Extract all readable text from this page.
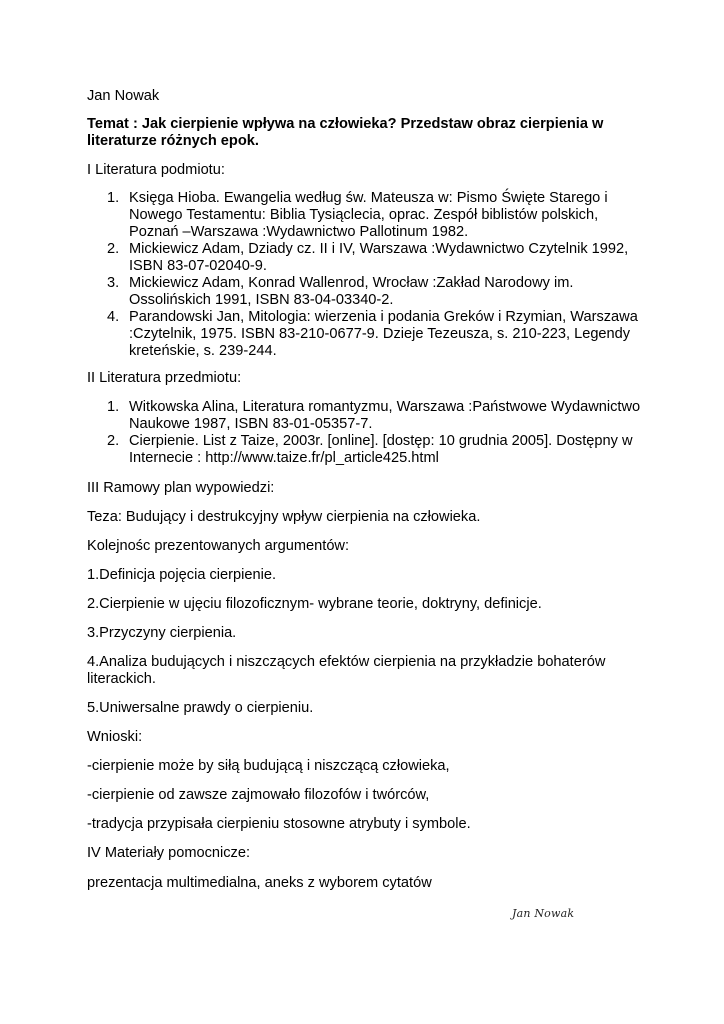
Jan Nowak

Temat : Jak cierpienie wpływa na człowieka? Przedstaw obraz cierpienia w literaturze różnych epok.

I Literatura podmiotu:

1. Księga Hioba. Ewangelia według św. Mateusza w: Pismo Święte Starego i Nowego Testamentu: Biblia Tysiąclecia, oprac. Zespół biblistów polskich, Poznań –Warszawa :Wydawnictwo Pallotinum 1982.
2. Mickiewicz Adam, Dziady cz. II i IV, Warszawa :Wydawnictwo Czytelnik 1992, ISBN 83-07-02040-9.
3. Mickiewicz Adam, Konrad Wallenrod, Wrocław :Zakład Narodowy im. Ossolińskich 1991, ISBN 83-04-03340-2.
4. Parandowski Jan, Mitologia: wierzenia i podania Greków i Rzymian, Warszawa :Czytelnik, 1975. ISBN 83-210-0677-9. Dzieje Tezeusza, s. 210-223, Legendy kreteńskie, s. 239-244.

II Literatura przedmiotu:

1. Witkowska Alina, Literatura romantyzmu, Warszawa :Państwowe Wydawnictwo Naukowe 1987, ISBN 83-01-05357-7.
2. Cierpienie. List z Taize, 2003r. [online]. [dostęp: 10 grudnia 2005]. Dostępny w Internecie : http://www.taize.fr/pl_article425.html

III Ramowy plan wypowiedzi:

Teza: Budujący i destrukcyjny wpływ cierpienia na człowieka.

Kolejnośc prezentowanych argumentów:

1.Definicja pojęcia cierpienie.

2.Cierpienie w ujęciu filozoficznym- wybrane teorie, doktryny, definicje.

3.Przyczyny cierpienia.

4.Analiza budujących i niszczących efektów cierpienia na przykładzie bohaterów literackich.

5.Uniwersalne prawdy o cierpieniu.

Wnioski:

-cierpienie może by siłą budującą i niszczącą człowieka,

-cierpienie od zawsze zajmowało filozofów i twórców,

-tradycja przypisała cierpieniu stosowne atrybuty i symbole.

IV Materiały pomocnicze:

prezentacja multimedialna, aneks z wyborem cytatów

Jan Nowak
